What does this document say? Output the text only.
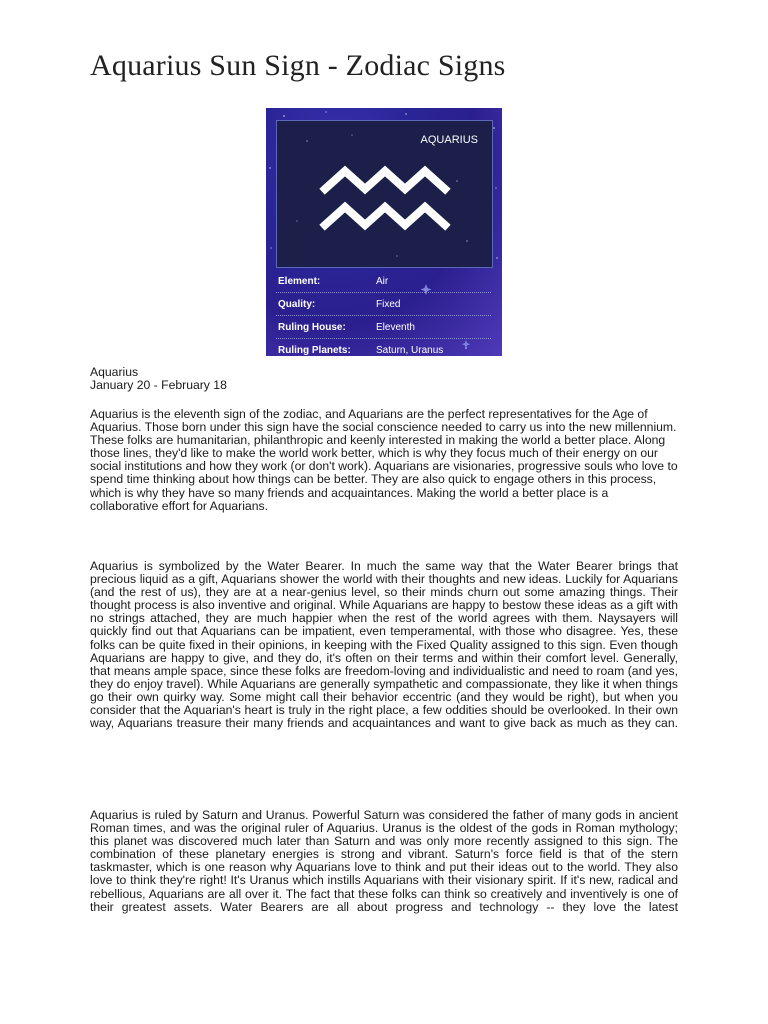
Aquarius Sun Sign - Zodiac Signs
AQUARIUS
Element:	Air
Quality:	Fixed
Ruling House:	Eleventh
Ruling Planets:	Saturn, Uranus
Aquarius
January 20 - February 18

Aquarius is the eleventh sign of the zodiac, and Aquarians are the perfect representatives for the Age of Aquarius. Those born under this sign have the social conscience needed to carry us into the new millennium. These folks are humanitarian, philanthropic and keenly interested in making the world a better place. Along those lines, they'd like to make the world work better, which is why they focus much of their energy on our social institutions and how they work (or don't work). Aquarians are visionaries, progressive souls who love to spend time thinking about how things can be better. They are also quick to engage others in this process, which is why they have so many friends and acquaintances. Making the world a better place is a collaborative effort for Aquarians.

Aquarius is symbolized by the Water Bearer. In much the same way that the Water Bearer brings that precious liquid as a gift, Aquarians shower the world with their thoughts and new ideas. Luckily for Aquarians (and the rest of us), they are at a near-genius level, so their minds churn out some amazing things. Their thought process is also inventive and original. While Aquarians are happy to bestow these ideas as a gift with no strings attached, they are much happier when the rest of the world agrees with them. Naysayers will quickly find out that Aquarians can be impatient, even temperamental, with those who disagree. Yes, these folks can be quite fixed in their opinions, in keeping with the Fixed Quality assigned to this sign. Even though Aquarians are happy to give, and they do, it's often on their terms and within their comfort level. Generally, that means ample space, since these folks are freedom-loving and individualistic and need to roam (and yes, they do enjoy travel). While Aquarians are generally sympathetic and compassionate, they like it when things go their own quirky way. Some might call their behavior eccentric (and they would be right), but when you consider that the Aquarian's heart is truly in the right place, a few oddities should be overlooked. In their own way, Aquarians treasure their many friends and acquaintances and want to give back as much as they can.

Aquarius is ruled by Saturn and Uranus. Powerful Saturn was considered the father of many gods in ancient Roman times, and was the original ruler of Aquarius. Uranus is the oldest of the gods in Roman mythology; this planet was discovered much later than Saturn and was only more recently assigned to this sign. The combination of these planetary energies is strong and vibrant. Saturn's force field is that of the stern taskmaster, which is one reason why Aquarians love to think and put their ideas out to the world. They also love to think they're right! It's Uranus which instills Aquarians with their visionary spirit. If it's new, radical and rebellious, Aquarians are all over it. The fact that these folks can think so creatively and inventively is one of their greatest assets. Water Bearers are all about progress and technology -- they love the latest
